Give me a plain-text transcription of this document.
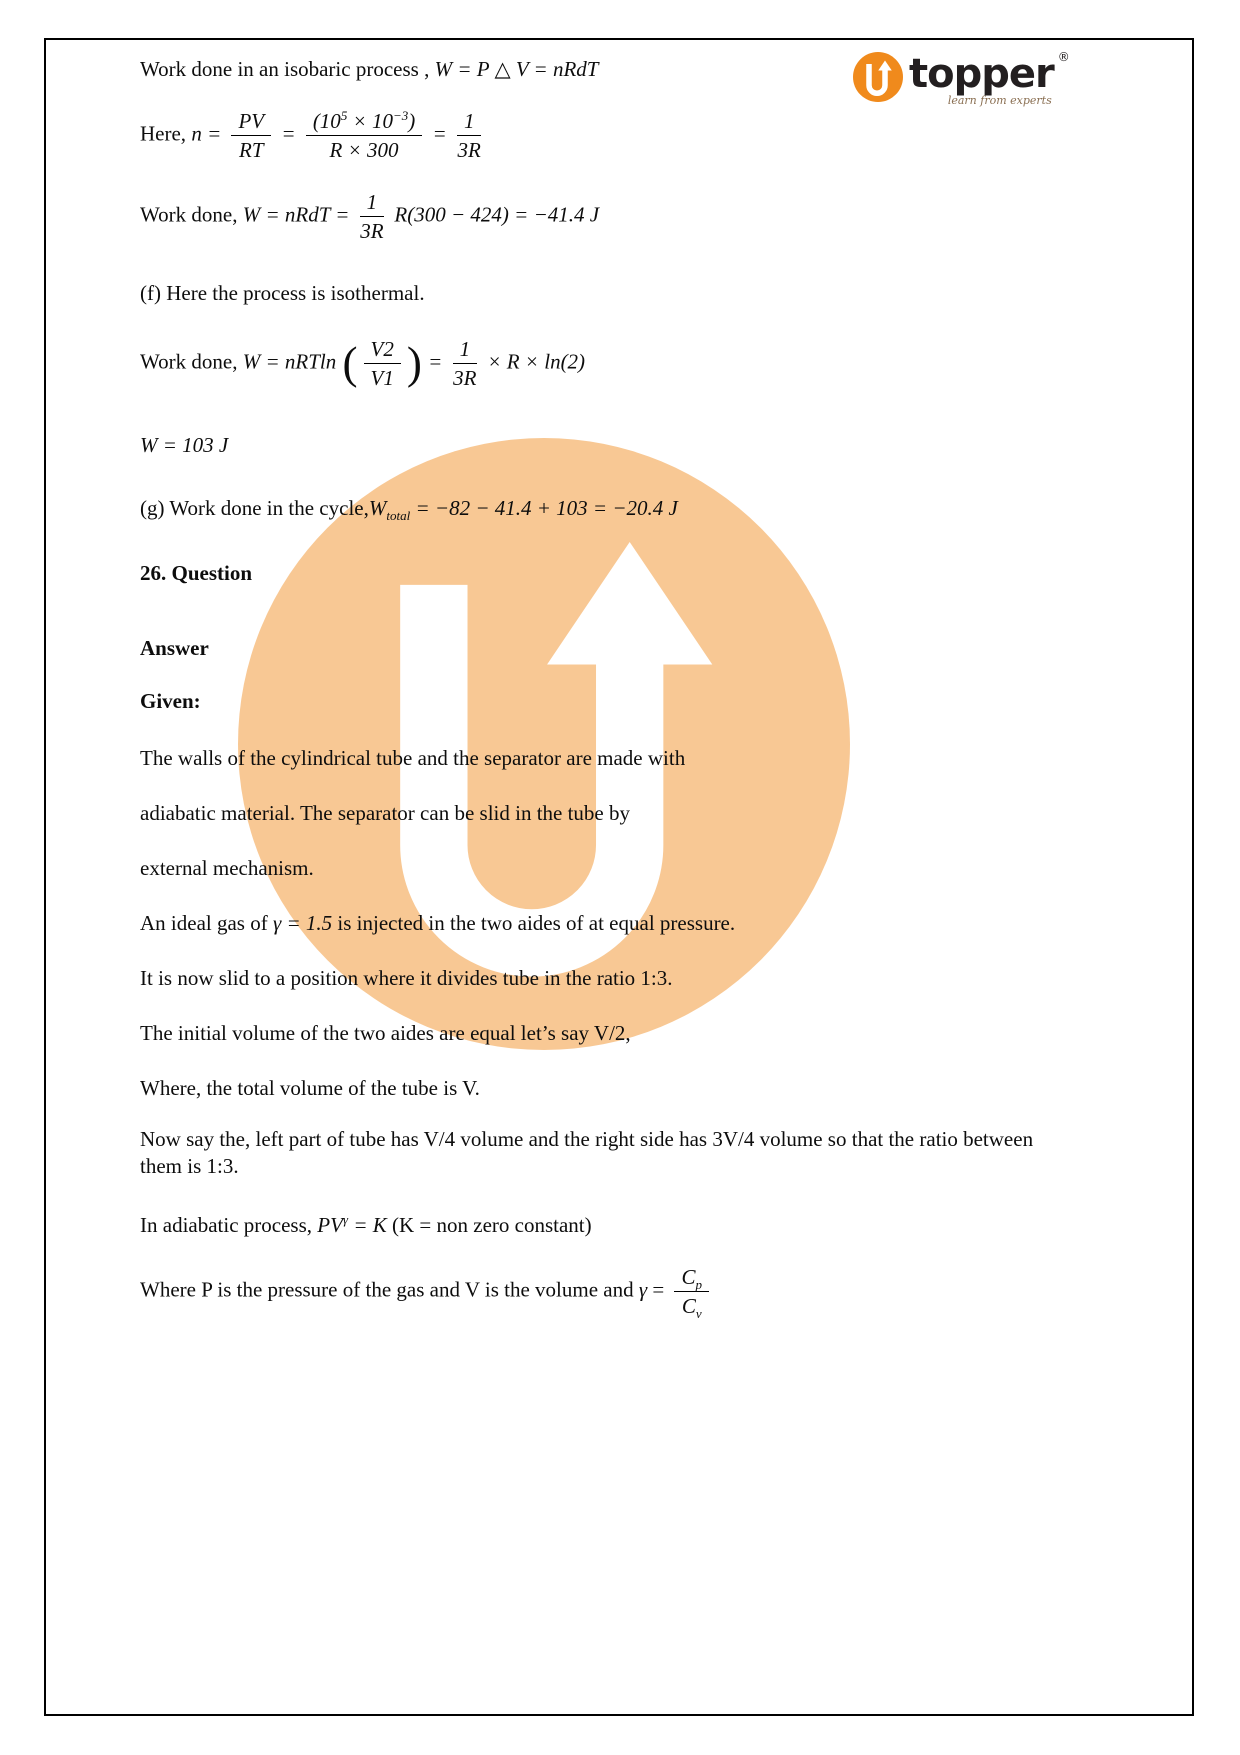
topper ®
learn from experts
Work done in an isobaric process , W = P △ V = nRdT
Here, $n = \frac{PV}{RT} = \frac{(10^5 \times 10^{-3})}{R \times 300} = \frac{1}{3R}$
Work done, W = nRdT = $\frac{1}{3R} R(300 - 424) = -41.4$ J
(f) Here the process is isothermal.
Work done, W = nRTln ( $\frac{V2}{V1}$ ) = $\frac{1}{3R} \times R \times \ln(2)$
W = 103 J
(g) Work done in the $cycle,W_{total} = -82 - 41.4 + 103 = -20.4$ J
26. Question
Answer
Given:
The walls of the cylindrical tube and the separator are made with
adiabatic material. The separator can be slid in the tube by
external mechanism.
An ideal gas of γ = 1.5 is injected in the two aides of at equal pressure.
It is now slid to a position where it divides tube in the ratio 1:3.
The initial volume of the two aides are equal let’s say V/2,
Where, the total volume of the tube is V.
Now say the, left part of tube has V/4 volume and the right side has 3V/4 volume so that the ratio between them is 1:3.
In adiabatic process, $PV^\gamma = K$ (K = non zero constant)
Where P is the pressure of the gas and V is the volume and $\gamma = \frac{C_p}{C_v}$
